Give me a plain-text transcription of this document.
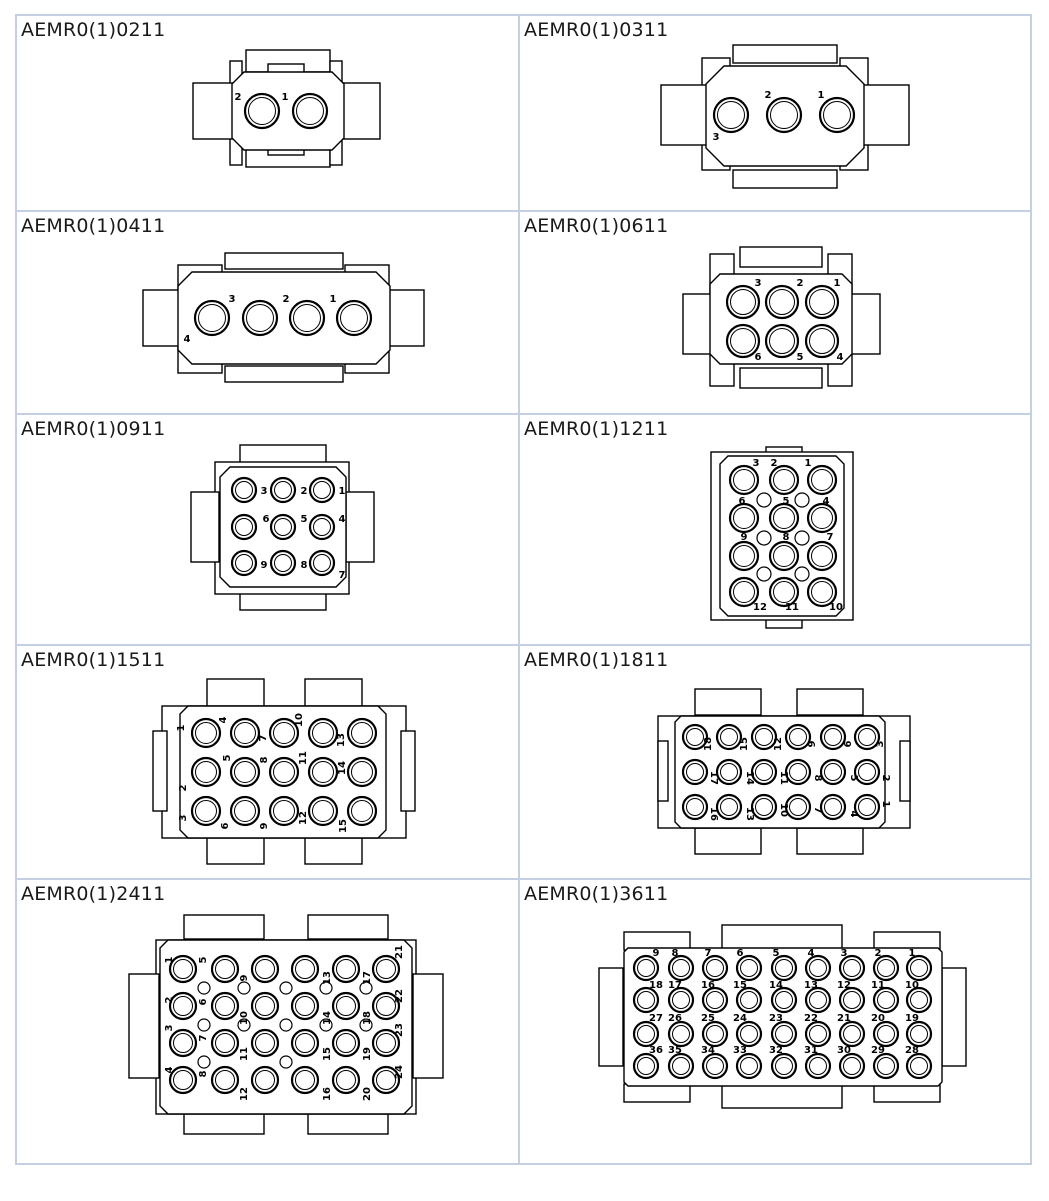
AEMR0(1)0211	AEMR0(1)0311
AEMR0(1)0411	AEMR0(1)0611
AEMR0(1)0911	AEMR0(1)1211
AEMR0(1)1511	AEMR0(1)1811
AEMR0(1)2411	AEMR0(1)3611
2	1
3
2	1
4
3	2	1
3	2	1
6	5	4
3	2	1
6	5	4
9	8
7
3 2	1
6	5	4
9	8	7
12 11	10
1
4
7
10
13
2
5	8	11
14
3
6	9
12
15
18	15 12 9	6 3
17	14 11 8	5 2
16	13 10 7
4
1
1 5
9	13	17
21
2 6
10	14	18
22
3
7
11	15	19
23
4
8
12	16	20
24
9 8	7	6	5	4	3	2	1
18 17 16 15 14 13 12 11 10
27 26 25 24 23 22 21 20 19
36 35 34 33 32 31 30 29 28
